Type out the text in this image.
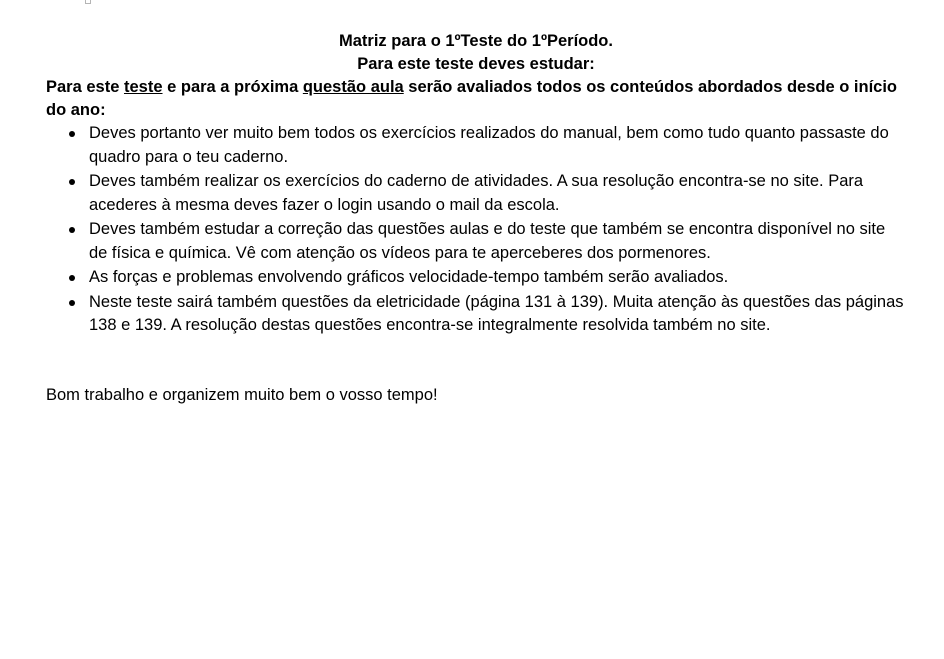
Matriz para o 1ºTeste do 1ºPeríodo.

Para este teste deves estudar:

Para este teste e para a próxima questão aula serão avaliados todos os conteúdos abordados desde o início do ano:

Deves portanto ver muito bem todos os exercícios realizados do manual, bem como tudo quanto passaste do quadro para o teu caderno.
Deves também realizar os exercícios do caderno de atividades. A sua resolução encontra-se no site. Para acederes à mesma deves fazer o login usando o mail da escola.
Deves também estudar a correção das questões aulas e do teste que também se encontra disponível no site de física e química. Vê com atenção os vídeos para te aperceberes dos pormenores.
As forças e problemas envolvendo gráficos velocidade-tempo também serão avaliados.
Neste teste sairá também questões da eletricidade (página 131 à 139). Muita atenção às questões das páginas 138 e 139. A resolução destas questões encontra-se integralmente resolvida também no site.

Bom trabalho e organizem muito bem o vosso tempo!
